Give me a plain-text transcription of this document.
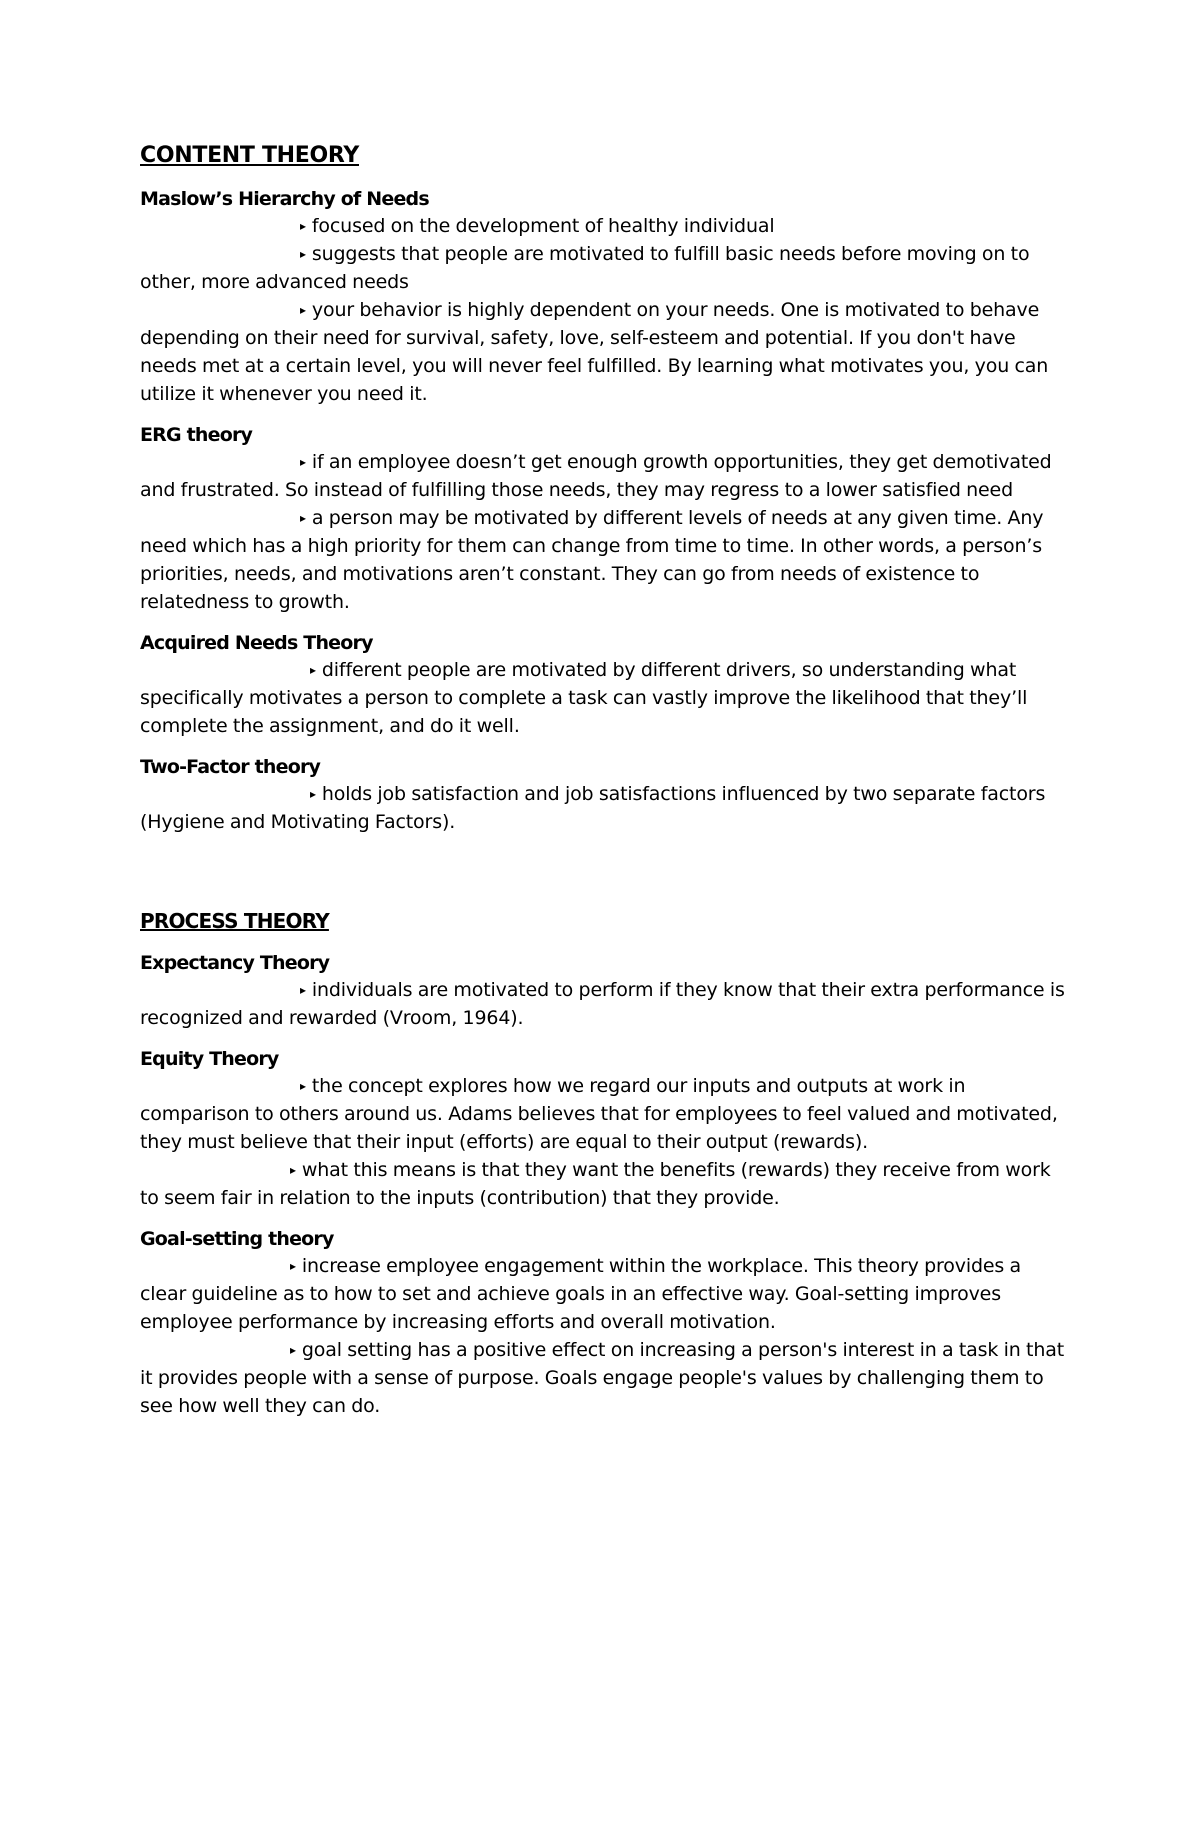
CONTENT THEORY

Maslow’s Hierarchy of Needs

▸ focused on the development of healthy individual

▸ suggests that people are motivated to fulfill basic needs before moving on to other, more advanced needs

▸ your behavior is highly dependent on your needs. One is motivated to behave depending on their need for survival, safety, love, self-esteem and potential. If you don't have needs met at a certain level, you will never feel fulfilled. By learning what motivates you, you can utilize it whenever you need it.

ERG theory

▸ if an employee doesn’t get enough growth opportunities, they get demotivated and frustrated. So instead of fulfilling those needs, they may regress to a lower satisfied need

▸ a person may be motivated by different levels of needs at any given time. Any need which has a high priority for them can change from time to time. In other words, a person’s priorities, needs, and motivations aren’t constant. They can go from needs of existence to relatedness to growth.

Acquired Needs Theory

▸ different people are motivated by different drivers, so understanding what specifically motivates a person to complete a task can vastly improve the likelihood that they’ll complete the assignment, and do it well.

Two-Factor theory

▸ holds job satisfaction and job satisfactions influenced by two separate factors (Hygiene and Motivating Factors).

PROCESS THEORY

Expectancy Theory

▸ individuals are motivated to perform if they know that their extra performance is recognized and rewarded (Vroom, 1964).

Equity Theory

▸ the concept explores how we regard our inputs and outputs at work in comparison to others around us. Adams believes that for employees to feel valued and motivated, they must believe that their input (efforts) are equal to their output (rewards).

▸ what this means is that they want the benefits (rewards) they receive from work to seem fair in relation to the inputs (contribution) that they provide.

Goal-setting theory

▸ increase employee engagement within the workplace. This theory provides a clear guideline as to how to set and achieve goals in an effective way. Goal-setting improves employee performance by increasing efforts and overall motivation.

▸ goal setting has a positive effect on increasing a person's interest in a task in that it provides people with a sense of purpose. Goals engage people's values by challenging them to see how well they can do.
